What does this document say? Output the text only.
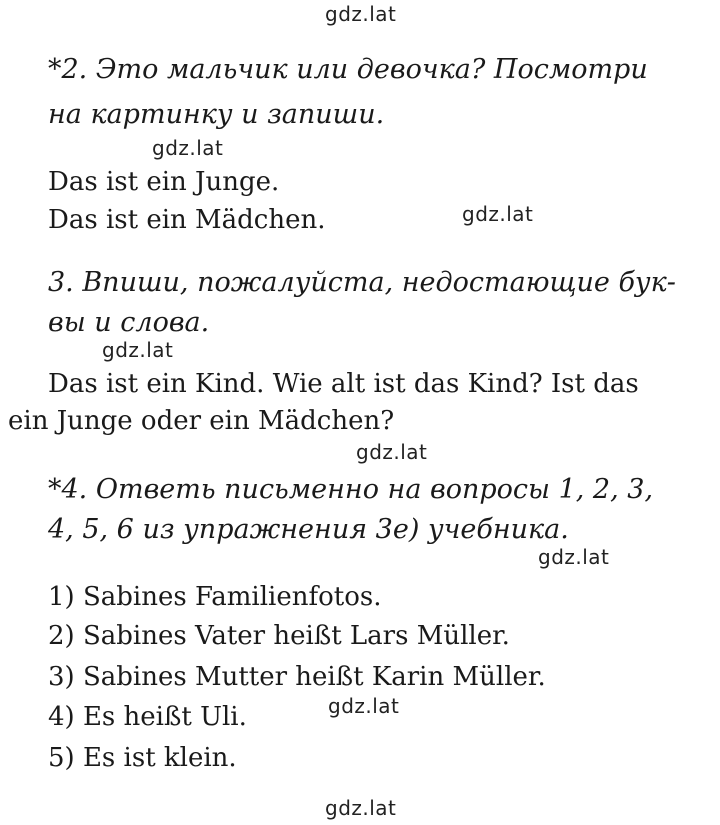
gdz.lat
gdz.lat
gdz.lat
gdz.lat
gdz.lat
gdz.lat
gdz.lat
gdz.lat
*2. Это мальчик или девочка? Посмотри
на картинку и запиши.
Das ist ein Junge.
Das ist ein Mädchen.
3. Впиши, пожалуйста, недостающие бук-
вы и слова.
Das ist ein Kind. Wie alt ist das Kind? Ist das
ein Junge oder ein Mädchen?
*4. Ответь письменно на вопросы 1, 2, 3,
4, 5, 6 из упражнения 3е) учебника.
1) Sabines Familienfotos.
2) Sabines Vater heißt Lars Müller.
3) Sabines Mutter heißt Karin Müller.
4) Es heißt Uli.
5) Es ist klein.
